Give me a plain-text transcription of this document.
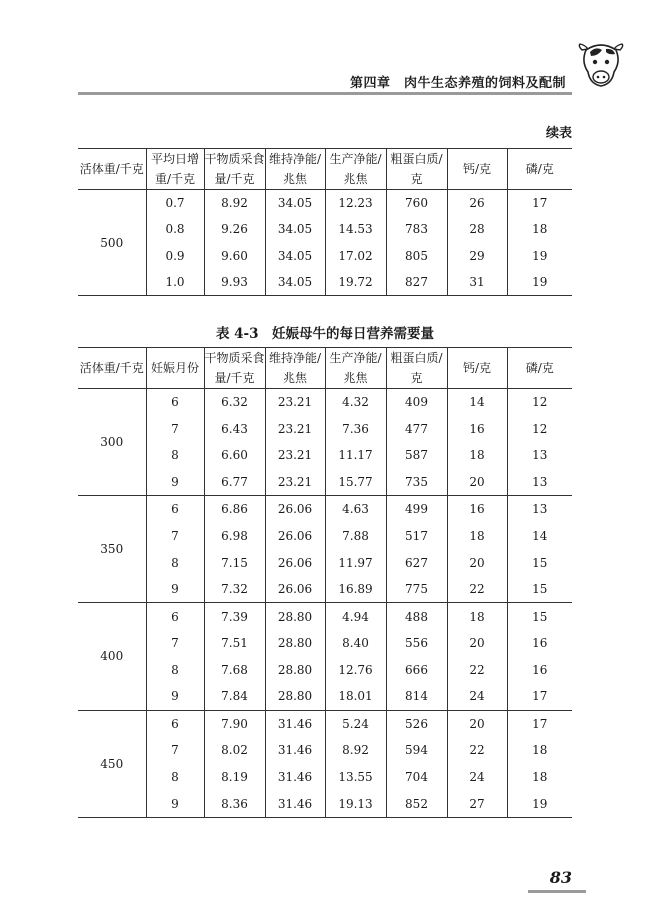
第四章　肉牛生态养殖的饲料及配制
续表
活体重/千克	平均日增重/千克	干物质采食量/千克	维持净能/兆焦	生产净能/兆焦	粗蛋白质/克	钙/克	磷/克
500	0.7	8.92	34.05	12.23	760	26	17
	0.8	9.26	34.05	14.53	783	28	18
	0.9	9.60	34.05	17.02	805	29	19
	1.0	9.93	34.05	19.72	827	31	19
表 4-3　妊娠母牛的每日营养需要量
活体重/千克	妊娠月份	干物质采食量/千克	维持净能/兆焦	生产净能/兆焦	粗蛋白质/克	钙/克	磷/克
300	6	6.32	23.21	4.32	409	14	12
	7	6.43	23.21	7.36	477	16	12
	8	6.60	23.21	11.17	587	18	13
	9	6.77	23.21	15.77	735	20	13
350	6	6.86	26.06	4.63	499	16	13
	7	6.98	26.06	7.88	517	18	14
	8	7.15	26.06	11.97	627	20	15
	9	7.32	26.06	16.89	775	22	15
400	6	7.39	28.80	4.94	488	18	15
	7	7.51	28.80	8.40	556	20	16
	8	7.68	28.80	12.76	666	22	16
	9	7.84	28.80	18.01	814	24	17
450	6	7.90	31.46	5.24	526	20	17
	7	8.02	31.46	8.92	594	22	18
	8	8.19	31.46	13.55	704	24	18
	9	8.36	31.46	19.13	852	27	19
83
